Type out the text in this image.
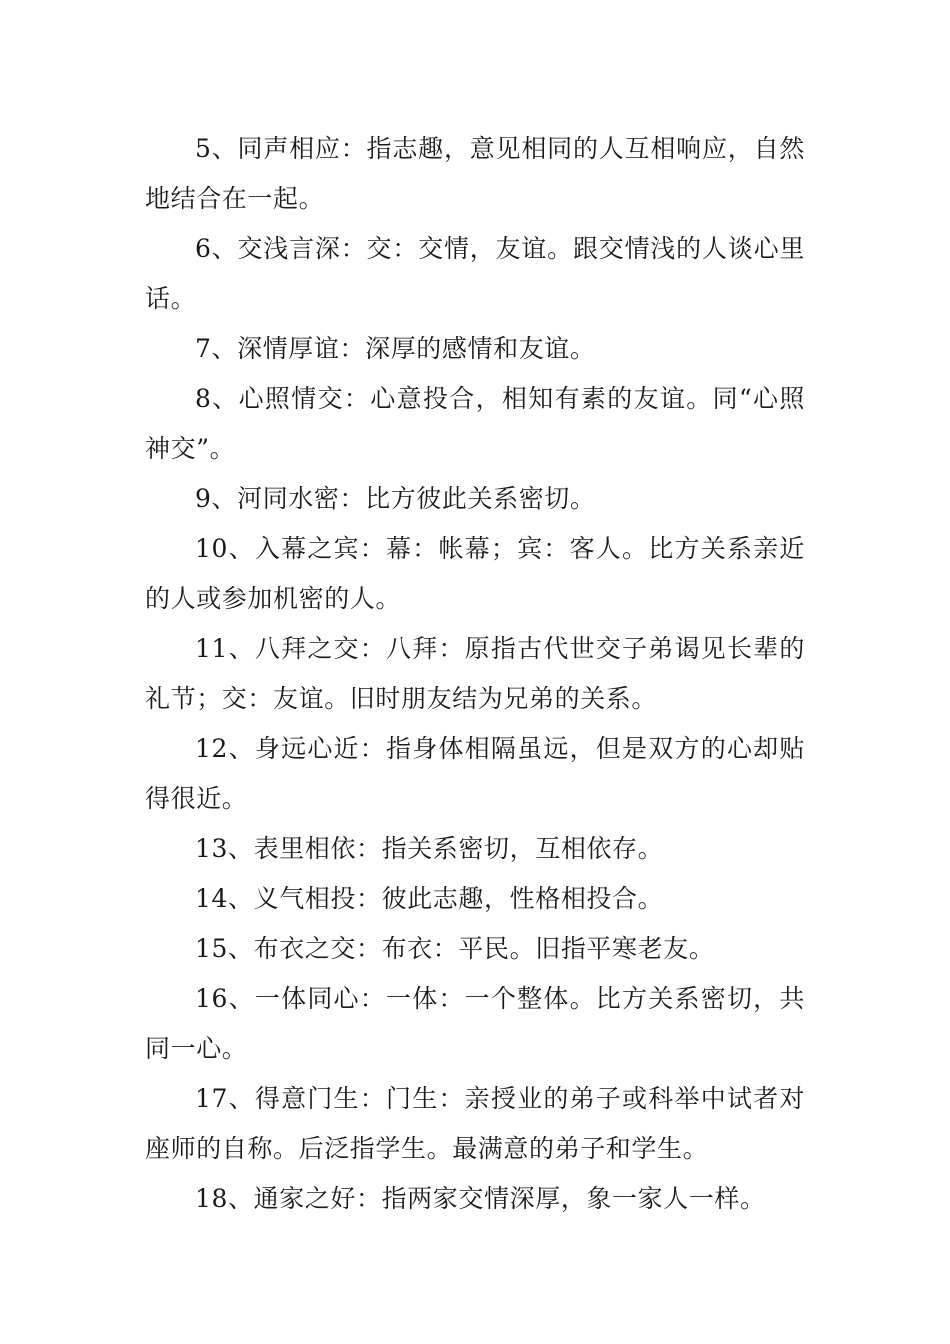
5、同声相应：指志趣，意见相同的人互相响应，自然地结合在一起。

6、交浅言深：交：交情，友谊。跟交情浅的人谈心里话。

7、深情厚谊：深厚的感情和友谊。

8、心照情交：心意投合，相知有素的友谊。同“心照神交”。

9、河同水密：比方彼此关系密切。

10、入幕之宾：幕：帐幕；宾：客人。比方关系亲近的人或参加机密的人。

11、八拜之交：八拜：原指古代世交子弟谒见长辈的礼节；交：友谊。旧时朋友结为兄弟的关系。

12、身远心近：指身体相隔虽远，但是双方的心却贴得很近。

13、表里相依：指关系密切，互相依存。

14、义气相投：彼此志趣，性格相投合。

15、布衣之交：布衣：平民。旧指平寒老友。

16、一体同心：一体：一个整体。比方关系密切，共同一心。

17、得意门生：门生：亲授业的弟子或科举中试者对座师的自称。后泛指学生。最满意的弟子和学生。

18、通家之好：指两家交情深厚，象一家人一样。
